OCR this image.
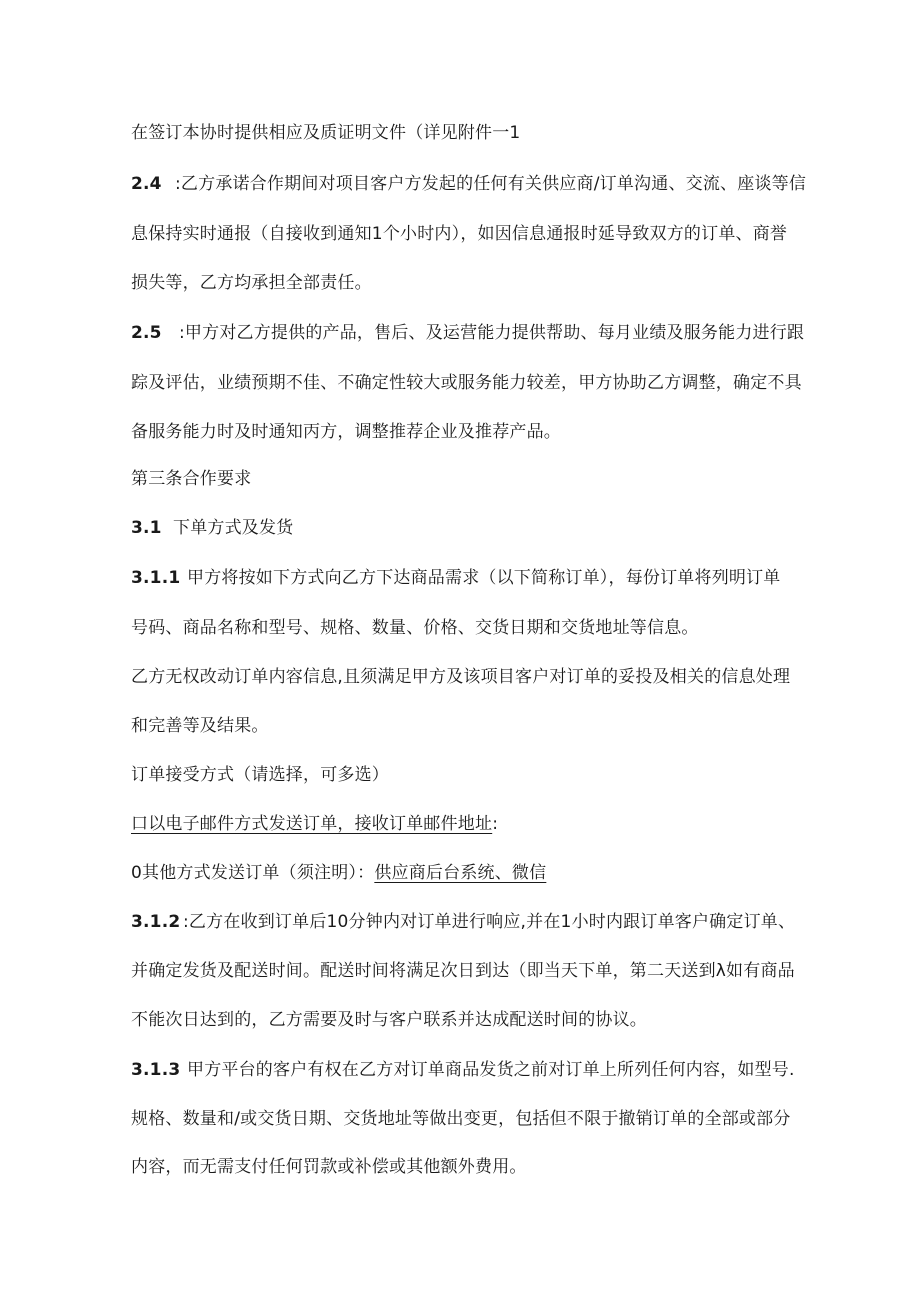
在签订本协时提供相应及质证明文件（详见附件一1
2.4 :乙方承诺合作期间对项目客户方发起的任何有关供应商/订单沟通、交流、座谈等信
息保持实时通报（自接收到通知1个小时内），如因信息通报时延导致双方的订单、商誉
损失等，乙方均承担全部责任。
2.5 :甲方对乙方提供的产品，售后、及运营能力提供帮助、每月业绩及服务能力进行跟
踪及评估，业绩预期不佳、不确定性较大或服务能力较差，甲方协助乙方调整，确定不具
备服务能力时及时通知丙方，调整推荐企业及推荐产品。
第三条合作要求
3.1 下单方式及发货
3.1.1 甲方将按如下方式向乙方下达商品需求（以下简称订单），每份订单将列明订单
号码、商品名称和型号、规格、数量、价格、交货日期和交货地址等信息。
乙方无权改动订单内容信息,且须满足甲方及该项目客户对订单的妥投及相关的信息处理
和完善等及结果。
订单接受方式（请选择，可多选）
口以电子邮件方式发送订单，接收订单邮件地址:
0其他方式发送订单（须注明）：供应商后台系统、微信
3.1.2 :乙方在收到订单后10分钟内对订单进行响应,并在1小时内跟订单客户确定订单、
并确定发货及配送时间。配送时间将满足次日到达（即当天下单，第二天送到λ如有商品
不能次日达到的，乙方需要及时与客户联系并达成配送时间的协议。
3.1.3 甲方平台的客户有权在乙方对订单商品发货之前对订单上所列任何内容，如型号.
规格、数量和/或交货日期、交货地址等做出变更，包括但不限于撤销订单的全部或部分
内容，而无需支付任何罚款或补偿或其他额外费用。
